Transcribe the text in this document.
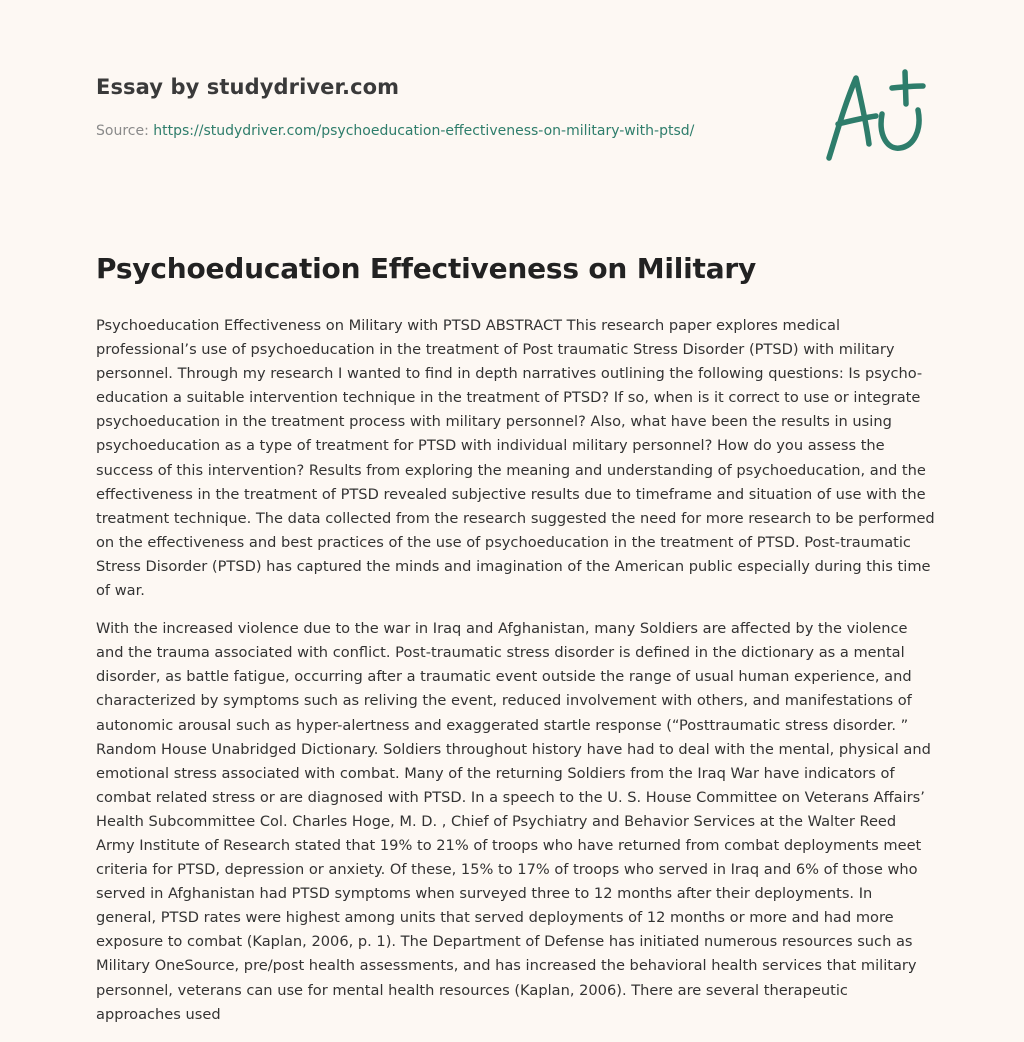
Essay by studydriver.com
Source: https://studydriver.com/psychoeducation-effectiveness-on-military-with-ptsd/
Psychoeducation Effectiveness on Military

Psychoeducation Effectiveness on Military with PTSD ABSTRACT This research paper explores medical professional’s use of psychoeducation in the treatment of Post traumatic Stress Disorder (PTSD) with military personnel. Through my research I wanted to find in depth narratives outlining the following questions: Is psycho-education a suitable intervention technique in the treatment of PTSD? If so, when is it correct to use or integrate psychoeducation in the treatment process with military personnel? Also, what have been the results in using psychoeducation as a type of treatment for PTSD with individual military personnel? How do you assess the success of this intervention? Results from exploring the meaning and understanding of psychoeducation, and the effectiveness in the treatment of PTSD revealed subjective results due to timeframe and situation of use with the treatment technique. The data collected from the research suggested the need for more research to be performed on the effectiveness and best practices of the use of psychoeducation in the treatment of PTSD. Post-traumatic Stress Disorder (PTSD) has captured the minds and imagination of the American public especially during this time of war.

With the increased violence due to the war in Iraq and Afghanistan, many Soldiers are affected by the violence and the trauma associated with conflict. Post-traumatic stress disorder is defined in the dictionary as a mental disorder, as battle fatigue, occurring after a traumatic event outside the range of usual human experience, and characterized by symptoms such as reliving the event, reduced involvement with others, and manifestations of autonomic arousal such as hyper-alertness and exaggerated startle response (“Posttraumatic stress disorder. ” Random House Unabridged Dictionary. Soldiers throughout history have had to deal with the mental, physical and emotional stress associated with combat. Many of the returning Soldiers from the Iraq War have indicators of combat related stress or are diagnosed with PTSD. In a speech to the U. S. House Committee on Veterans Affairs’ Health Subcommittee Col. Charles Hoge, M. D. , Chief of Psychiatry and Behavior Services at the Walter Reed Army Institute of Research stated that 19% to 21% of troops who have returned from combat deployments meet criteria for PTSD, depression or anxiety. Of these, 15% to 17% of troops who served in Iraq and 6% of those who served in Afghanistan had PTSD symptoms when surveyed three to 12 months after their deployments. In general, PTSD rates were highest among units that served deployments of 12 months or more and had more exposure to combat (Kaplan, 2006, p. 1). The Department of Defense has initiated numerous resources such as Military OneSource, pre/post health assessments, and has increased the behavioral health services that military personnel, veterans can use for mental health resources (Kaplan, 2006). There are several therapeutic approaches used
